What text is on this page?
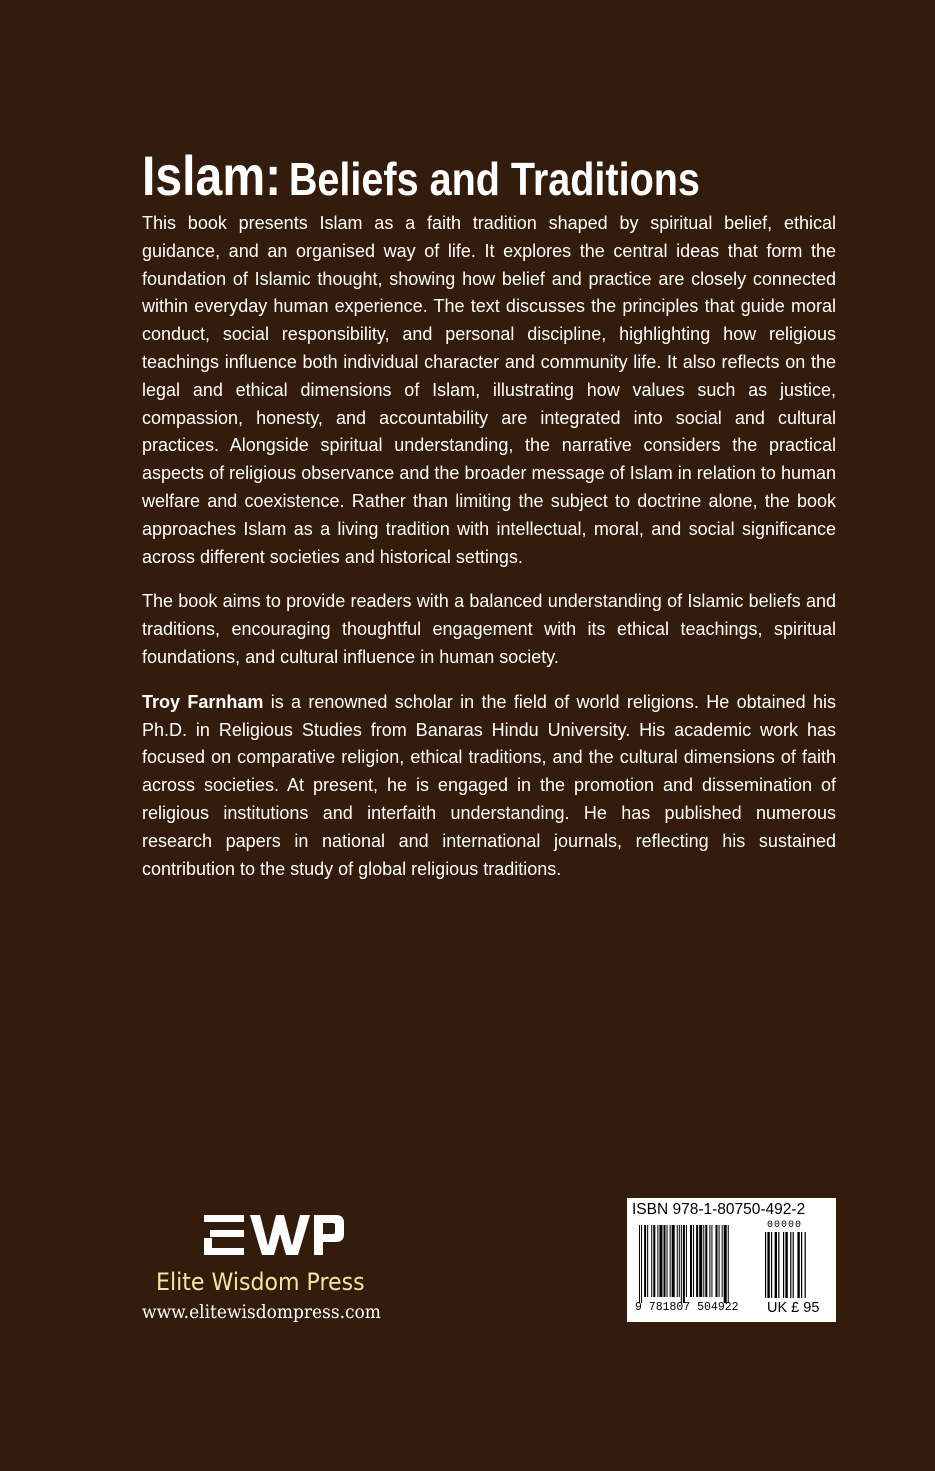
Islam: Beliefs and Traditions

This book presents Islam as a faith tradition shaped by spiritual belief, ethical guidance, and an organised way of life. It explores the central ideas that form the foundation of Islamic thought, showing how belief and practice are closely connected within everyday human experience. The text discusses the principles that guide moral conduct, social responsibility, and personal discipline, highlighting how religious teachings influence both individual character and community life. It also reflects on the legal and ethical dimensions of Islam, illustrating how values such as justice, compassion, honesty, and accountability are integrated into social and cultural practices. Alongside spiritual understanding, the narrative considers the practical aspects of religious observance and the broader message of Islam in relation to human welfare and coexistence. Rather than limiting the subject to doctrine alone, the book approaches Islam as a living tradition with intellectual, moral, and social significance across different societies and historical settings.

The book aims to provide readers with a balanced understanding of Islamic beliefs and traditions, encouraging thoughtful engagement with its ethical teachings, spiritual foundations, and cultural influence in human society.

Troy Farnham is a renowned scholar in the field of world religions. He obtained his Ph.D. in Religious Studies from Banaras Hindu University. His academic work has focused on comparative religion, ethical traditions, and the cultural dimensions of faith across societies. At present, he is engaged in the promotion and dissemination of religious institutions and interfaith understanding. He has published numerous research papers in national and international journals, reflecting his sustained contribution to the study of global religious traditions.

Elite Wisdom Press
www.elitewisdompress.com
ISBN 978-1-80750-492-2
00000
9 781807 504922 UK £ 95
